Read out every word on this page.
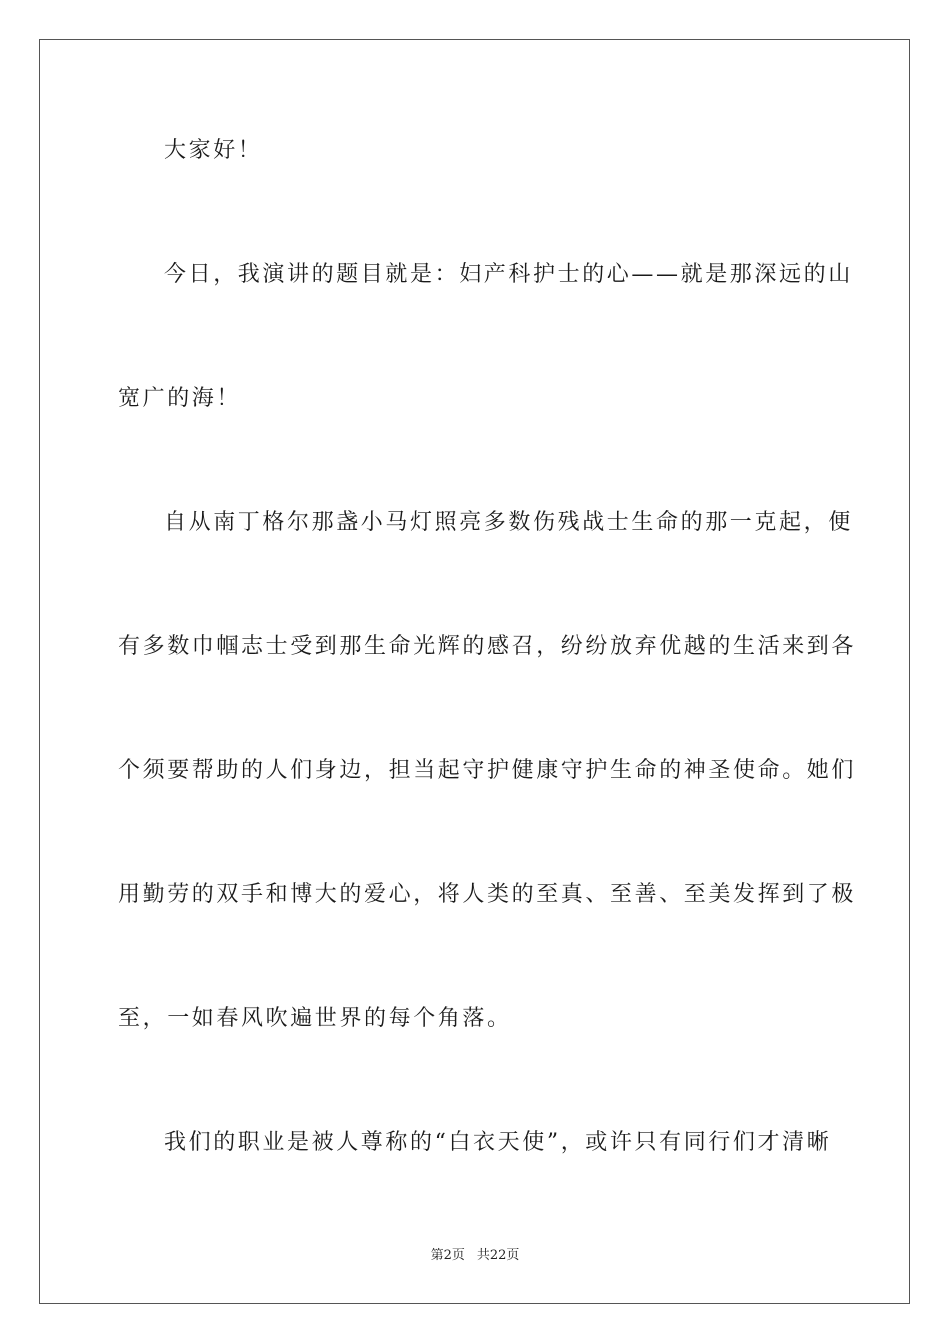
大家好！
今日，我演讲的题目就是：妇产科护士的心——就是那深远的山
宽广的海！
自从南丁格尔那盏小马灯照亮多数伤残战士生命的那一克起，便
有多数巾帼志士受到那生命光辉的感召，纷纷放弃优越的生活来到各
个须要帮助的人们身边，担当起守护健康守护生命的神圣使命。她们
用勤劳的双手和博大的爱心，将人类的至真、至善、至美发挥到了极
至，一如春风吹遍世界的每个角落。
我们的职业是被人尊称的“白衣天使”，或许只有同行们才清晰
第2页 共22页
